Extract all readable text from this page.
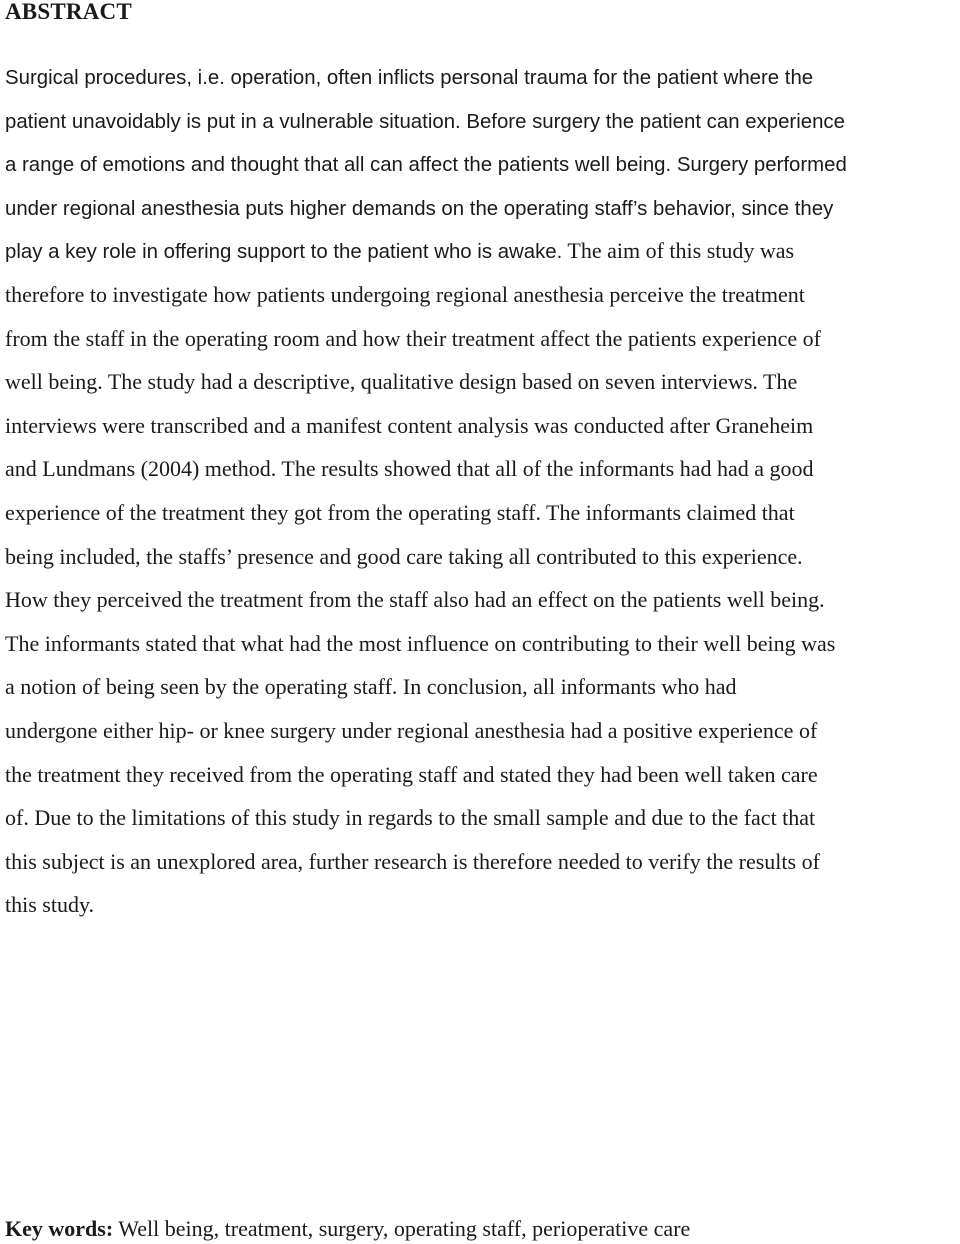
ABSTRACT
Surgical procedures, i.e. operation, often inflicts personal trauma for the patient where the
patient unavoidably is put in a vulnerable situation. Before surgery the patient can experience
a range of emotions and thought that all can affect the patients well being. Surgery performed
under regional anesthesia puts higher demands on the operating staff’s behavior, since they
play a key role in offering support to the patient who is awake. The aim of this study was
therefore to investigate how patients undergoing regional anesthesia perceive the treatment
from the staff in the operating room and how their treatment affect the patients experience of
well being. The study had a descriptive, qualitative design based on seven interviews. The
interviews were transcribed and a manifest content analysis was conducted after Graneheim
and Lundmans (2004) method. The results showed that all of the informants had had a good
experience of the treatment they got from the operating staff. The informants claimed that
being included, the staffs’ presence and good care taking all contributed to this experience.
How they perceived the treatment from the staff also had an effect on the patients well being.
The informants stated that what had the most influence on contributing to their well being was
a notion of being seen by the operating staff. In conclusion, all informants who had
undergone either hip- or knee surgery under regional anesthesia had a positive experience of
the treatment they received from the operating staff and stated they had been well taken care
of. Due to the limitations of this study in regards to the small sample and due to the fact that
this subject is an unexplored area, further research is therefore needed to verify the results of
this study.

Key words: Well being, treatment, surgery, operating staff, perioperative care
